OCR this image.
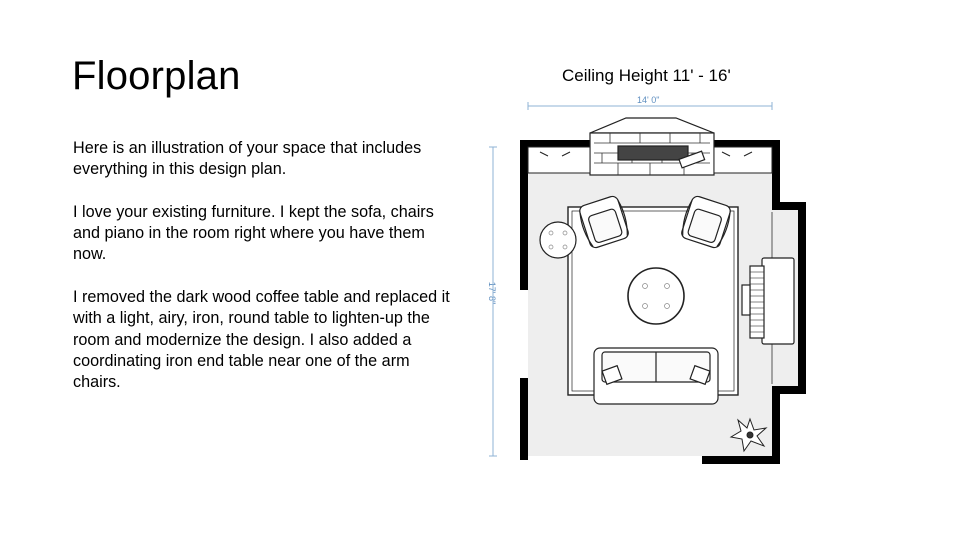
Floorplan

Here is an illustration of your space that includes everything in this design plan.

I love your existing furniture. I kept the sofa, chairs and piano in the room right where you have them now.

I removed the dark wood coffee table and replaced it with a light, airy, iron, round table to lighten-up the room and modernize the design. I also added a coordinating iron end table near one of the arm chairs.

Ceiling Height 11' - 16'
14' 0"
17' 8"
